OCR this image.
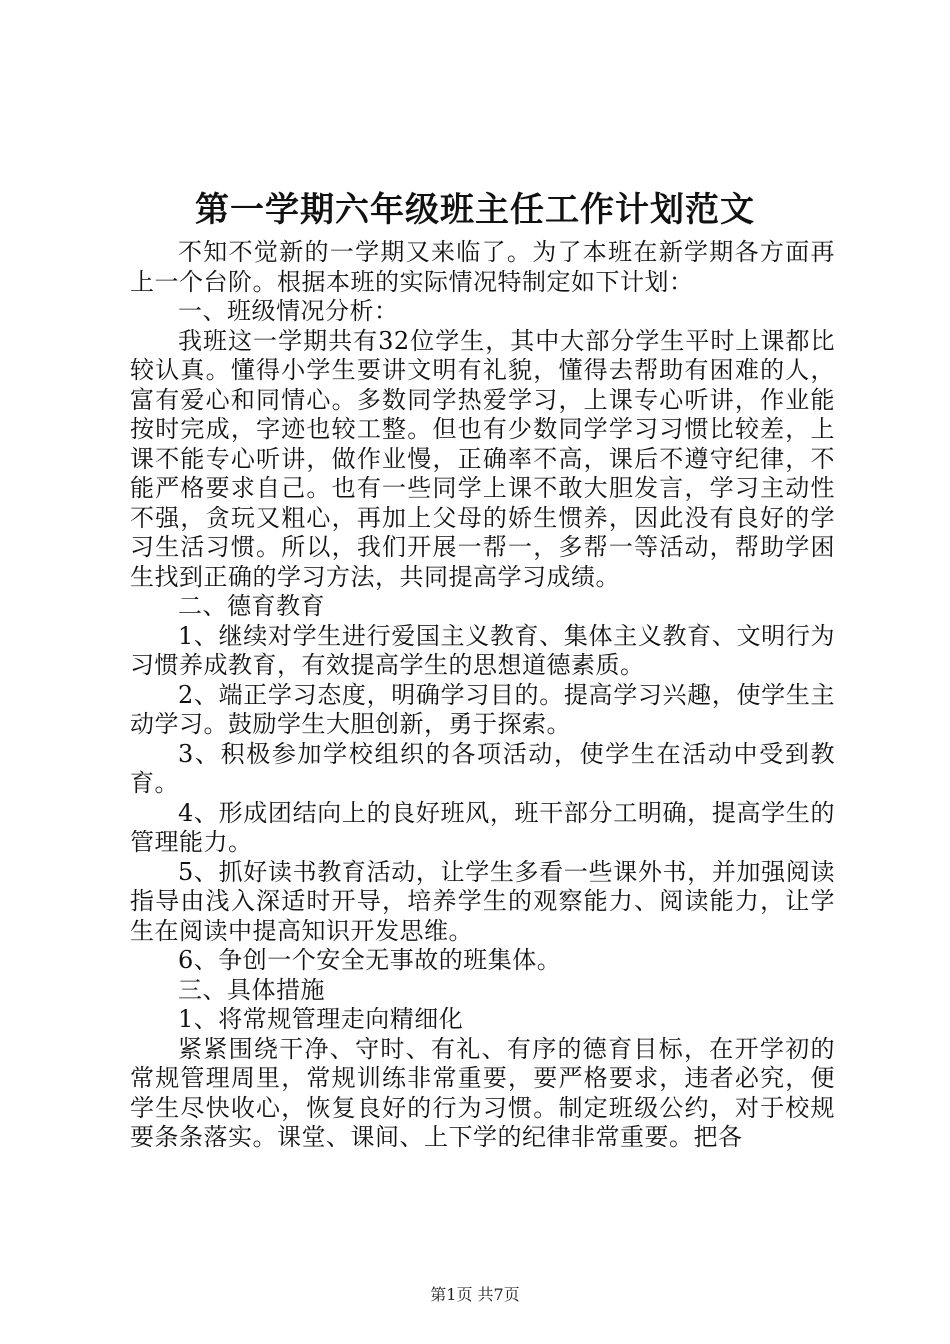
第一学期六年级班主任工作计划范文

不知不觉新的一学期又来临了。为了本班在新学期各方面再上一个台阶。根据本班的实际情况特制定如下计划：

一、班级情况分析：

我班这一学期共有32位学生，其中大部分学生平时上课都比较认真。懂得小学生要讲文明有礼貌，懂得去帮助有困难的人，富有爱心和同情心。多数同学热爱学习，上课专心听讲，作业能按时完成，字迹也较工整。但也有少数同学学习习惯比较差，上课不能专心听讲，做作业慢，正确率不高，课后不遵守纪律，不能严格要求自己。也有一些同学上课不敢大胆发言，学习主动性不强，贪玩又粗心，再加上父母的娇生惯养，因此没有良好的学习生活习惯。所以，我们开展一帮一，多帮一等活动，帮助学困生找到正确的学习方法，共同提高学习成绩。

二、德育教育

1、继续对学生进行爱国主义教育、集体主义教育、文明行为习惯养成教育，有效提高学生的思想道德素质。

2、端正学习态度，明确学习目的。提高学习兴趣，使学生主动学习。鼓励学生大胆创新，勇于探索。

3、积极参加学校组织的各项活动，使学生在活动中受到教育。

4、形成团结向上的良好班风，班干部分工明确，提高学生的管理能力。

5、抓好读书教育活动，让学生多看一些课外书，并加强阅读指导由浅入深适时开导，培养学生的观察能力、阅读能力，让学生在阅读中提高知识开发思维。

6、争创一个安全无事故的班集体。

三、具体措施

1、将常规管理走向精细化

紧紧围绕干净、守时、有礼、有序的德育目标，在开学初的常规管理周里，常规训练非常重要，要严格要求，违者必究，便学生尽快收心，恢复良好的行为习惯。制定班级公约，对于校规要条条落实。课堂、课间、上下学的纪律非常重要。把各

第1页 共7页
